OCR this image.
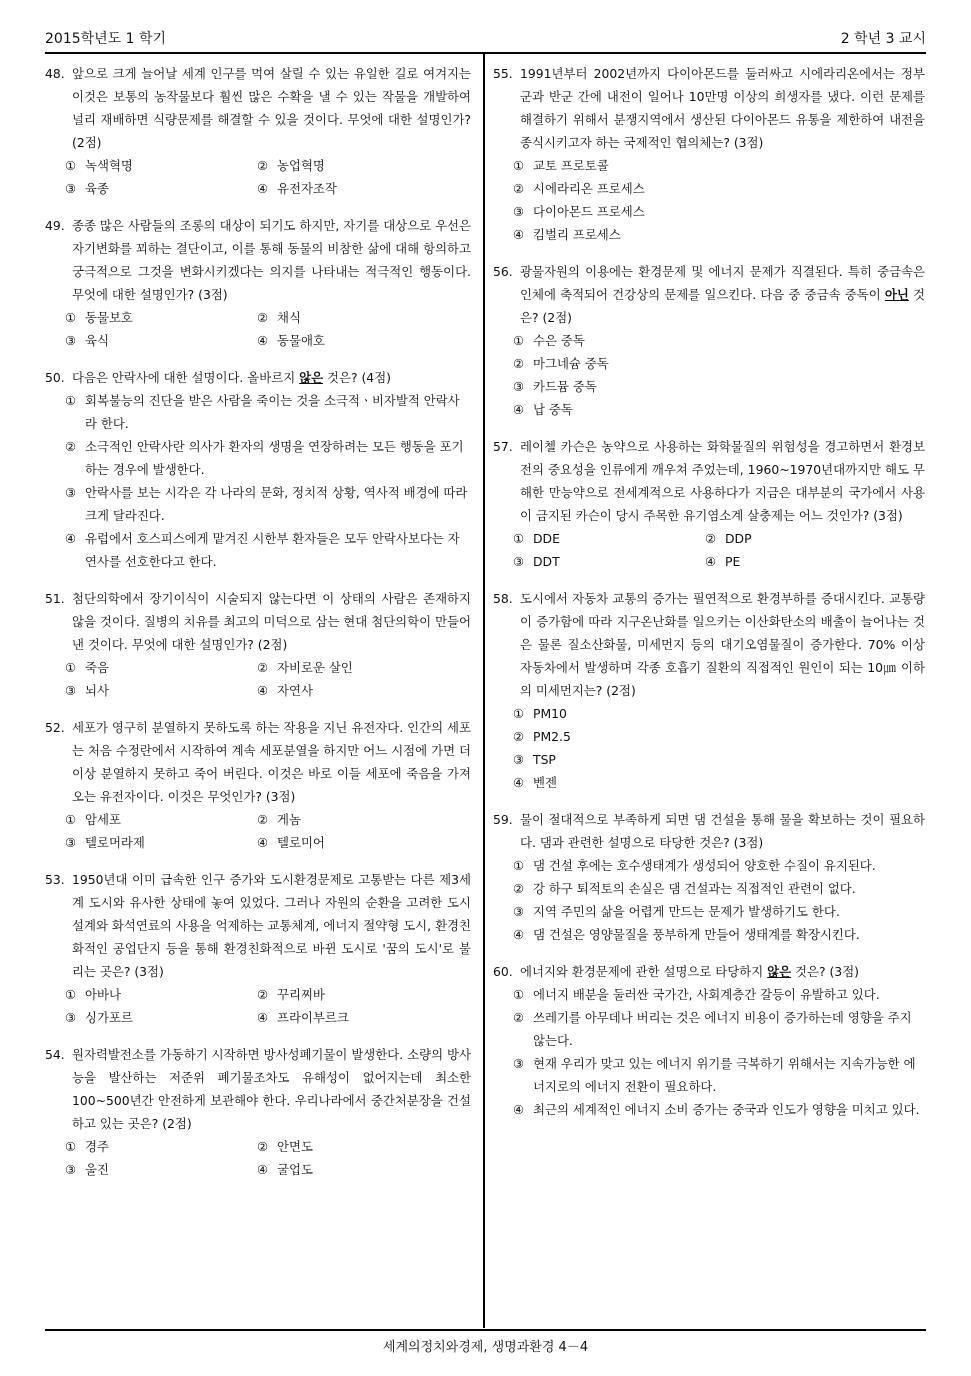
2015학년도 1 학기	2 학년 3 교시
48. 앞으로 크게 늘어날 세계 인구를 먹여 살릴 수 있는 유일한 길로 여겨지는 이것은 보통의 농작물보다 훨씬 많은 수확을 낼 수 있는 작물을 개발하여 널리 재배하면 식량문제를 해결할 수 있을 것이다. 무엇에 대한 설명인가? (2점)
① 녹색혁명	② 농업혁명
③ 육종	④ 유전자조작
49. 종종 많은 사람들의 조롱의 대상이 되기도 하지만, 자기를 대상으로 우선은 자기변화를 꾀하는 결단이고, 이를 통해 동물의 비참한 삶에 대해 항의하고 궁극적으로 그것을 변화시키겠다는 의지를 나타내는 적극적인 행동이다. 무엇에 대한 설명인가? (3점)
① 동물보호	② 채식
③ 육식	④ 동물애호
50. 다음은 안락사에 대한 설명이다. 올바르지 않은 것은? (4점)
① 회복불능의 진단을 받은 사람을 죽이는 것을 소극적ㆍ비자발적 안락사라 한다.
② 소극적인 안락사란 의사가 환자의 생명을 연장하려는 모든 행동을 포기하는 경우에 발생한다.
③ 안락사를 보는 시각은 각 나라의 문화, 정치적 상황, 역사적 배경에 따라 크게 달라진다.
④ 유럽에서 호스피스에게 맡겨진 시한부 환자들은 모두 안락사보다는 자연사를 선호한다고 한다.
51. 첨단의학에서 장기이식이 시술되지 않는다면 이 상태의 사람은 존재하지 않을 것이다. 질병의 치유를 최고의 미덕으로 삼는 현대 첨단의학이 만들어낸 것이다. 무엇에 대한 설명인가? (2점)
① 죽음	② 자비로운 살인
③ 뇌사	④ 자연사
52. 세포가 영구히 분열하지 못하도록 하는 작용을 지닌 유전자다. 인간의 세포는 처음 수정란에서 시작하여 계속 세포분열을 하지만 어느 시점에 가면 더 이상 분열하지 못하고 죽어 버린다. 이것은 바로 이들 세포에 죽음을 가져오는 유전자이다. 이것은 무엇인가? (3점)
① 암세포	② 게놈
③ 텔로머라제	④ 텔로미어
53. 1950년대 이미 급속한 인구 증가와 도시환경문제로 고통받는 다른 제3세계 도시와 유사한 상태에 놓여 있었다. 그러나 자원의 순환을 고려한 도시설계와 화석연료의 사용을 억제하는 교통체계, 에너지 절약형 도시, 환경친화적인 공업단지 등을 통해 환경친화적으로 바뀐 도시로 '꿈의 도시'로 불리는 곳은? (3점)
① 아바나	② 꾸리찌바
③ 싱가포르	④ 프라이부르크
54. 원자력발전소를 가동하기 시작하면 방사성폐기물이 발생한다. 소량의 방사능을 발산하는 저준위 폐기물조차도 유해성이 없어지는데 최소한 100~500년간 안전하게 보관해야 한다. 우리나라에서 중간처분장을 건설하고 있는 곳은? (2점)
① 경주	② 안면도
③ 울진	④ 굴업도
55. 1991년부터 2002년까지 다이아몬드를 둘러싸고 시에라리온에서는 정부군과 반군 간에 내전이 일어나 10만명 이상의 희생자를 냈다. 이런 문제를 해결하기 위해서 분쟁지역에서 생산된 다이아몬드 유통을 제한하여 내전을 종식시키고자 하는 국제적인 협의체는? (3점)
① 교토 프로토콜
② 시에라리온 프로세스
③ 다이아몬드 프로세스
④ 킴벌리 프로세스
56. 광물자원의 이용에는 환경문제 및 에너지 문제가 직결된다. 특히 중금속은 인체에 축적되어 건강상의 문제를 일으킨다. 다음 중 중금속 중독이 아닌 것은? (2점)
① 수은 중독
② 마그네슘 중독
③ 카드뮴 중독
④ 납 중독
57. 레이첼 카슨은 농약으로 사용하는 화학물질의 위험성을 경고하면서 환경보전의 중요성을 인류에게 깨우쳐 주었는데, 1960~1970년대까지만 해도 무해한 만능약으로 전세계적으로 사용하다가 지금은 대부분의 국가에서 사용이 금지된 카슨이 당시 주목한 유기염소계 살충제는 어느 것인가? (3점)
① DDE	② DDP
③ DDT	④ PE
58. 도시에서 자동차 교통의 증가는 필연적으로 환경부하를 증대시킨다. 교통량이 증가함에 따라 지구온난화를 일으키는 이산화탄소의 배출이 늘어나는 것은 물론 질소산화물, 미세먼지 등의 대기오염물질이 증가한다. 70% 이상 자동차에서 발생하며 각종 호흡기 질환의 직접적인 원인이 되는 10㎛ 이하의 미세먼지는? (2점)
① PM10
② PM2.5
③ TSP
④ 벤젠
59. 물이 절대적으로 부족하게 되면 댐 건설을 통해 물을 확보하는 것이 필요하다. 댐과 관련한 설명으로 타당한 것은? (3점)
① 댐 건설 후에는 호수생태계가 생성되어 양호한 수질이 유지된다.
② 강 하구 퇴적토의 손실은 댐 건설과는 직접적인 관련이 없다.
③ 지역 주민의 삶을 어렵게 만드는 문제가 발생하기도 한다.
④ 댐 건설은 영양물질을 풍부하게 만들어 생태계를 확장시킨다.
60. 에너지와 환경문제에 관한 설명으로 타당하지 않은 것은? (3점)
① 에너지 배분을 둘러싼 국가간, 사회계층간 갈등이 유발하고 있다.
② 쓰레기를 아무데나 버리는 것은 에너지 비용이 증가하는데 영향을 주지 않는다.
③ 현재 우리가 맞고 있는 에너지 위기를 극복하기 위해서는 지속가능한 에너지로의 에너지 전환이 필요하다.
④ 최근의 세계적인 에너지 소비 증가는 중국과 인도가 영향을 미치고 있다.
세계의정치와경제, 생명과환경 4－4
